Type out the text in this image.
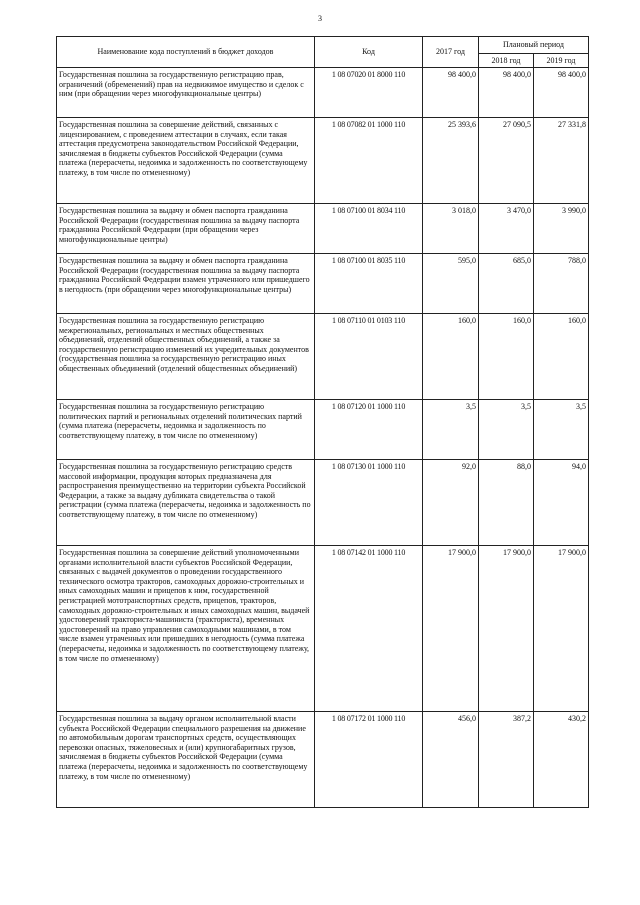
3
Наименование кода поступлений в бюджет доходов	Код	2017 год	Плановый период	
			2018 год	2019 год
Государственная пошлина за государственную регистрацию прав, ограничений (обременений) прав на недвижимое имущество и сделок с ним (при обращении через многофункциональные центры)	1 08 07020 01 8000 110	98 400,0	98 400,0	98 400,0
Государственная пошлина за совершение действий, связанных с лицензированием, с проведением аттестации в случаях, если такая аттестация предусмотрена законодательством Российской Федерации, зачисляемая в бюджеты субъектов Российской Федерации (сумма платежа (перерасчеты, недоимка и задолженность по соответствующему платежу, в том числе по отмененному)	1 08 07082 01 1000 110	25 393,6	27 090,5	27 331,8
Государственная пошлина за выдачу и обмен паспорта гражданина Российской Федерации (государственная пошлина за выдачу паспорта гражданина Российской Федерации (при обращении через многофункциональные центры)	1 08 07100 01 8034 110	3 018,0	3 470,0	3 990,0
Государственная пошлина за выдачу и обмен паспорта гражданина Российской Федерации (государственная пошлина за выдачу паспорта гражданина Российской Федерации взамен утраченного или пришедшего в негодность (при обращении через многофункциональные центры)	1 08 07100 01 8035 110	595,0	685,0	788,0
Государственная пошлина за государственную регистрацию межрегиональных, региональных и местных общественных объединений, отделений общественных объединений, а также за государственную регистрацию изменений их учредительных документов (государственная пошлина за государственную регистрацию иных общественных объединений (отделений общественных объединений)	1 08 07110 01 0103 110	160,0	160,0	160,0
Государственная пошлина за государственную регистрацию политических партий и региональных отделений политических партий (сумма платежа (перерасчеты, недоимка и задолженность по соответствующему платежу, в том числе по отмененному)	1 08 07120 01 1000 110	3,5	3,5	3,5
Государственная пошлина за государственную регистрацию средств массовой информации, продукция которых предназначена для распространения преимущественно на территории субъекта Российской Федерации, а также за выдачу дубликата свидетельства о такой регистрации (сумма платежа (перерасчеты, недоимка и задолженность по соответствующему платежу, в том числе по отмененному)	1 08 07130 01 1000 110	92,0	88,0	94,0
Государственная пошлина за совершение действий уполномоченными органами исполнительной власти субъектов Российской Федерации, связанных с выдачей документов о проведении государственного технического осмотра тракторов, самоходных дорожно-строительных и иных самоходных машин и прицепов к ним, государственной регистрацией мототранспортных средств, прицепов, тракторов, самоходных дорожно-строительных и иных самоходных машин, выдачей удостоверений тракториста-машиниста (тракториста), временных удостоверений на право управления самоходными машинами, в том числе взамен утраченных или пришедших в негодность (сумма платежа (перерасчеты, недоимка и задолженность по соответствующему платежу, в том числе по отмененному)	1 08 07142 01 1000 110	17 900,0	17 900,0	17 900,0
Государственная пошлина за выдачу органом исполнительной власти субъекта Российской Федерации специального разрешения на движение по автомобильным дорогам транспортных средств, осуществляющих перевозки опасных, тяжеловесных и (или) крупногабаритных грузов, зачисляемая в бюджеты субъектов Российской Федерации (сумма платежа (перерасчеты, недоимка и задолженность по соответствующему платежу, в том числе по отмененному)	1 08 07172 01 1000 110	456,0	387,2	430,2
